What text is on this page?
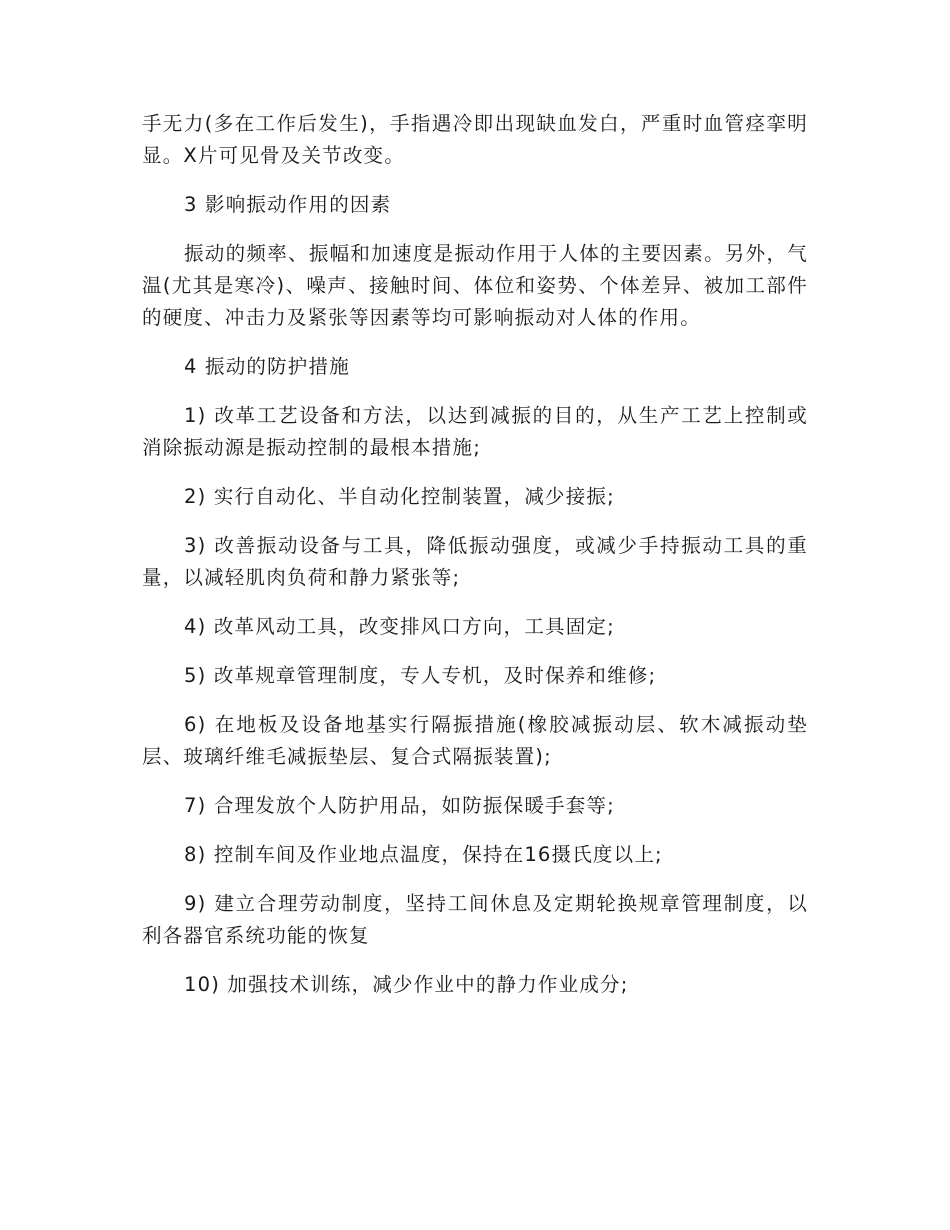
手无力(多在工作后发生)，手指遇冷即出现缺血发白，严重时血管痉挛明显。X片可见骨及关节改变。

3 影响振动作用的因素

振动的频率、振幅和加速度是振动作用于人体的主要因素。另外，气温(尤其是寒冷)、噪声、接触时间、体位和姿势、个体差异、被加工部件的硬度、冲击力及紧张等因素等均可影响振动对人体的作用。

4 振动的防护措施

1) 改革工艺设备和方法，以达到减振的目的，从生产工艺上控制或消除振动源是振动控制的最根本措施;

2) 实行自动化、半自动化控制装置，减少接振;

3) 改善振动设备与工具，降低振动强度，或减少手持振动工具的重量，以减轻肌肉负荷和静力紧张等;

4) 改革风动工具，改变排风口方向，工具固定;

5) 改革规章管理制度，专人专机，及时保养和维修;

6) 在地板及设备地基实行隔振措施(橡胶减振动层、软木减振动垫层、玻璃纤维毛减振垫层、复合式隔振装置);

7) 合理发放个人防护用品，如防振保暖手套等;

8) 控制车间及作业地点温度，保持在16摄氏度以上;

9) 建立合理劳动制度，坚持工间休息及定期轮换规章管理制度，以利各器官系统功能的恢复

10) 加强技术训练，减少作业中的静力作业成分;
